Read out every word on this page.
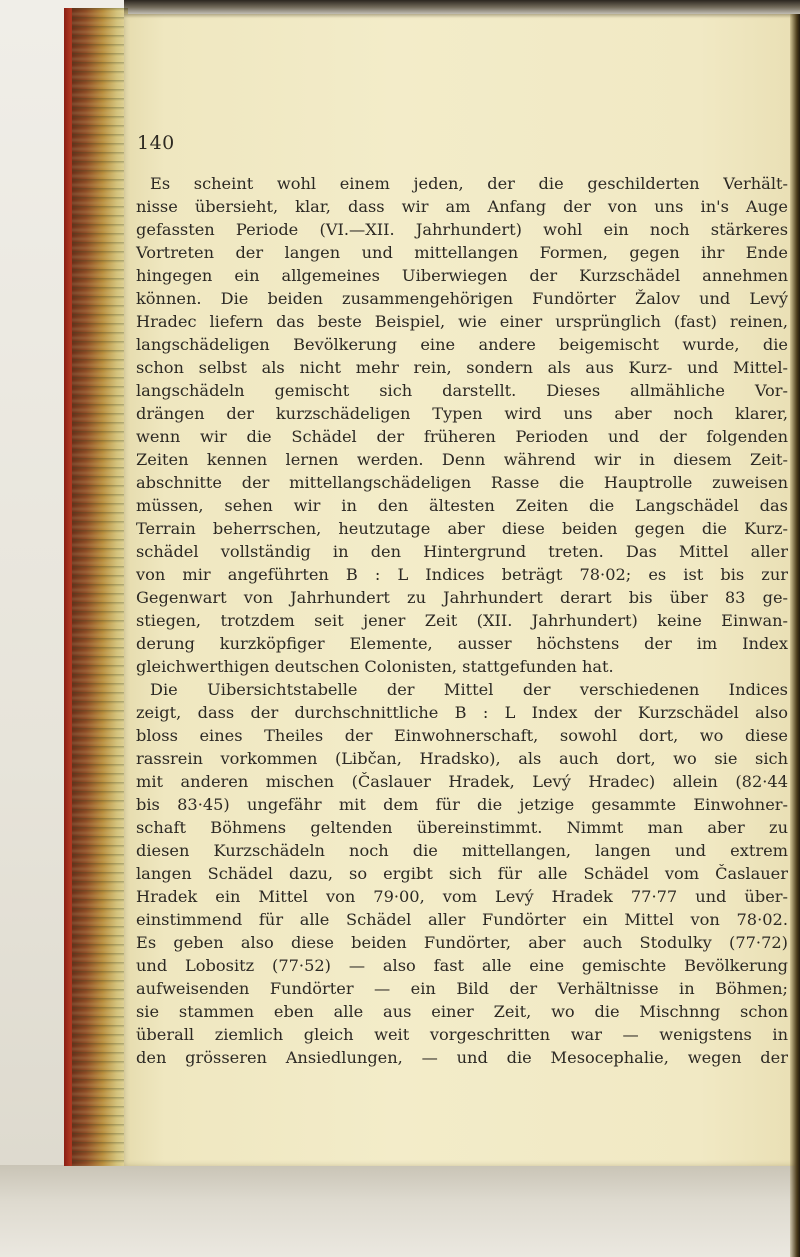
140
Es scheint wohl einem jeden, der die geschilderten Verhält-
nisse übersieht, klar, dass wir am Anfang der von uns in's Auge
gefassten Periode (VI.—XII. Jahrhundert) wohl ein noch stärkeres
Vortreten der langen und mittellangen Formen, gegen ihr Ende
hingegen ein allgemeines Uiberwiegen der Kurzschädel annehmen
können. Die beiden zusammengehörigen Fundörter Žalov und Levý
Hradec liefern das beste Beispiel, wie einer ursprünglich (fast) reinen,
langschädeligen Bevölkerung eine andere beigemischt wurde, die
schon selbst als nicht mehr rein, sondern als aus Kurz- und Mittel-
langschädeln gemischt sich darstellt. Dieses allmähliche Vor-
drängen der kurzschädeligen Typen wird uns aber noch klarer,
wenn wir die Schädel der früheren Perioden und der folgenden
Zeiten kennen lernen werden. Denn während wir in diesem Zeit-
abschnitte der mittellangschädeligen Rasse die Hauptrolle zuweisen
müssen, sehen wir in den ältesten Zeiten die Langschädel das
Terrain beherrschen, heutzutage aber diese beiden gegen die Kurz-
schädel vollständig in den Hintergrund treten. Das Mittel aller
von mir angeführten B : L Indices beträgt 78·02; es ist bis zur
Gegenwart von Jahrhundert zu Jahrhundert derart bis über 83 ge-
stiegen, trotzdem seit jener Zeit (XII. Jahrhundert) keine Einwan-
derung kurzköpfiger Elemente, ausser höchstens der im Index
gleichwerthigen deutschen Colonisten, stattgefunden hat.
Die Uibersichtstabelle der Mittel der verschiedenen Indices
zeigt, dass der durchschnittliche B : L Index der Kurzschädel also
bloss eines Theiles der Einwohnerschaft, sowohl dort, wo diese
rassrein vorkommen (Libčan, Hradsko), als auch dort, wo sie sich
mit anderen mischen (Časlauer Hradek, Levý Hradec) allein (82·44
bis 83·45) ungefähr mit dem für die jetzige gesammte Einwohner-
schaft Böhmens geltenden übereinstimmt. Nimmt man aber zu
diesen Kurzschädeln noch die mittellangen, langen und extrem
langen Schädel dazu, so ergibt sich für alle Schädel vom Časlauer
Hradek ein Mittel von 79·00, vom Levý Hradek 77·77 und über-
einstimmend für alle Schädel aller Fundörter ein Mittel von 78·02.
Es geben also diese beiden Fundörter, aber auch Stodulky (77·72)
und Lobositz (77·52) — also fast alle eine gemischte Bevölkerung
aufweisenden Fundörter — ein Bild der Verhältnisse in Böhmen;
sie stammen eben alle aus einer Zeit, wo die Mischnng schon
überall ziemlich gleich weit vorgeschritten war — wenigstens in
den grösseren Ansiedlungen, — und die Mesocephalie, wegen der
